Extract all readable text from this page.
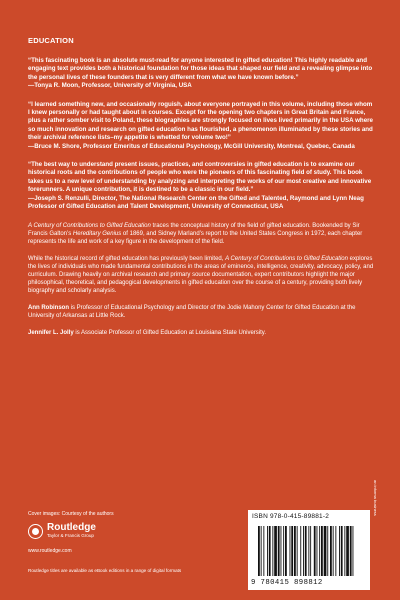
EDUCATION
“This fascinating book is an absolute must-read for anyone interested in gifted education! This highly readable and engaging text provides both a historical foundation for those ideas that shaped our field and a revealing glimpse into the personal lives of these founders that is very different from what we have known before.”
—Tonya R. Moon, Professor, University of Virginia, USA
“I learned something new, and occasionally roguish, about everyone portrayed in this volume, including those whom I knew personally or had taught about in courses. Except for the opening two chapters in Great Britain and France, plus a rather somber visit to Poland, these biographies are strongly focused on lives lived primarily in the USA where so much innovation and research on gifted education has flourished, a phenomenon illuminated by these stories and their archival reference lists–my appetite is whetted for volume two!”
—Bruce M. Shore, Professor Emeritus of Educational Psychology, McGill University, Montreal, Quebec, Canada
“The best way to understand present issues, practices, and controversies in gifted education is to examine our historical roots and the contributions of people who were the pioneers of this fascinating field of study. This book takes us to a new level of understanding by analyzing and interpreting the works of our most creative and innovative forerunners. A unique contribution, it is destined to be a classic in our field.”
—Joseph S. Renzulli, Director, The National Research Center on the Gifted and Talented, Raymond and Lynn Neag Professor of Gifted Education and Talent Development, University of Connecticut, USA
A Century of Contributions to Gifted Education traces the conceptual history of the field of gifted education. Bookended by Sir Francis Galton’s Hereditary Genius of 1869, and Sidney Marland’s report to the United States Congress in 1972, each chapter represents the life and work of a key figure in the development of the field.
While the historical record of gifted education has previously been limited, A Century of Contributions to Gifted Education explores the lives of individuals who made fundamental contributions in the areas of eminence, intelligence, creativity, advocacy, policy, and curriculum. Drawing heavily on archival research and primary source documentation, expert contributors highlight the major philosophical, theoretical, and pedagogical developments in gifted education over the course of a century, providing both lively biography and scholarly analysis.
Ann Robinson is Professor of Educational Psychology and Director of the Jodie Mahony Center for Gifted Education at the University of Arkansas at Little Rock.
Jennifer L. Jolly is Associate Professor of Gifted Education at Louisiana State University.
Cover images: Courtesy of the authors
Routledge
Taylor & Francis Group
www.routledge.com
Routledge titles are available as eBook editions in a range of digital formats
an informa business
ISBN 978-0-415-89881-2
9 780415 898812
